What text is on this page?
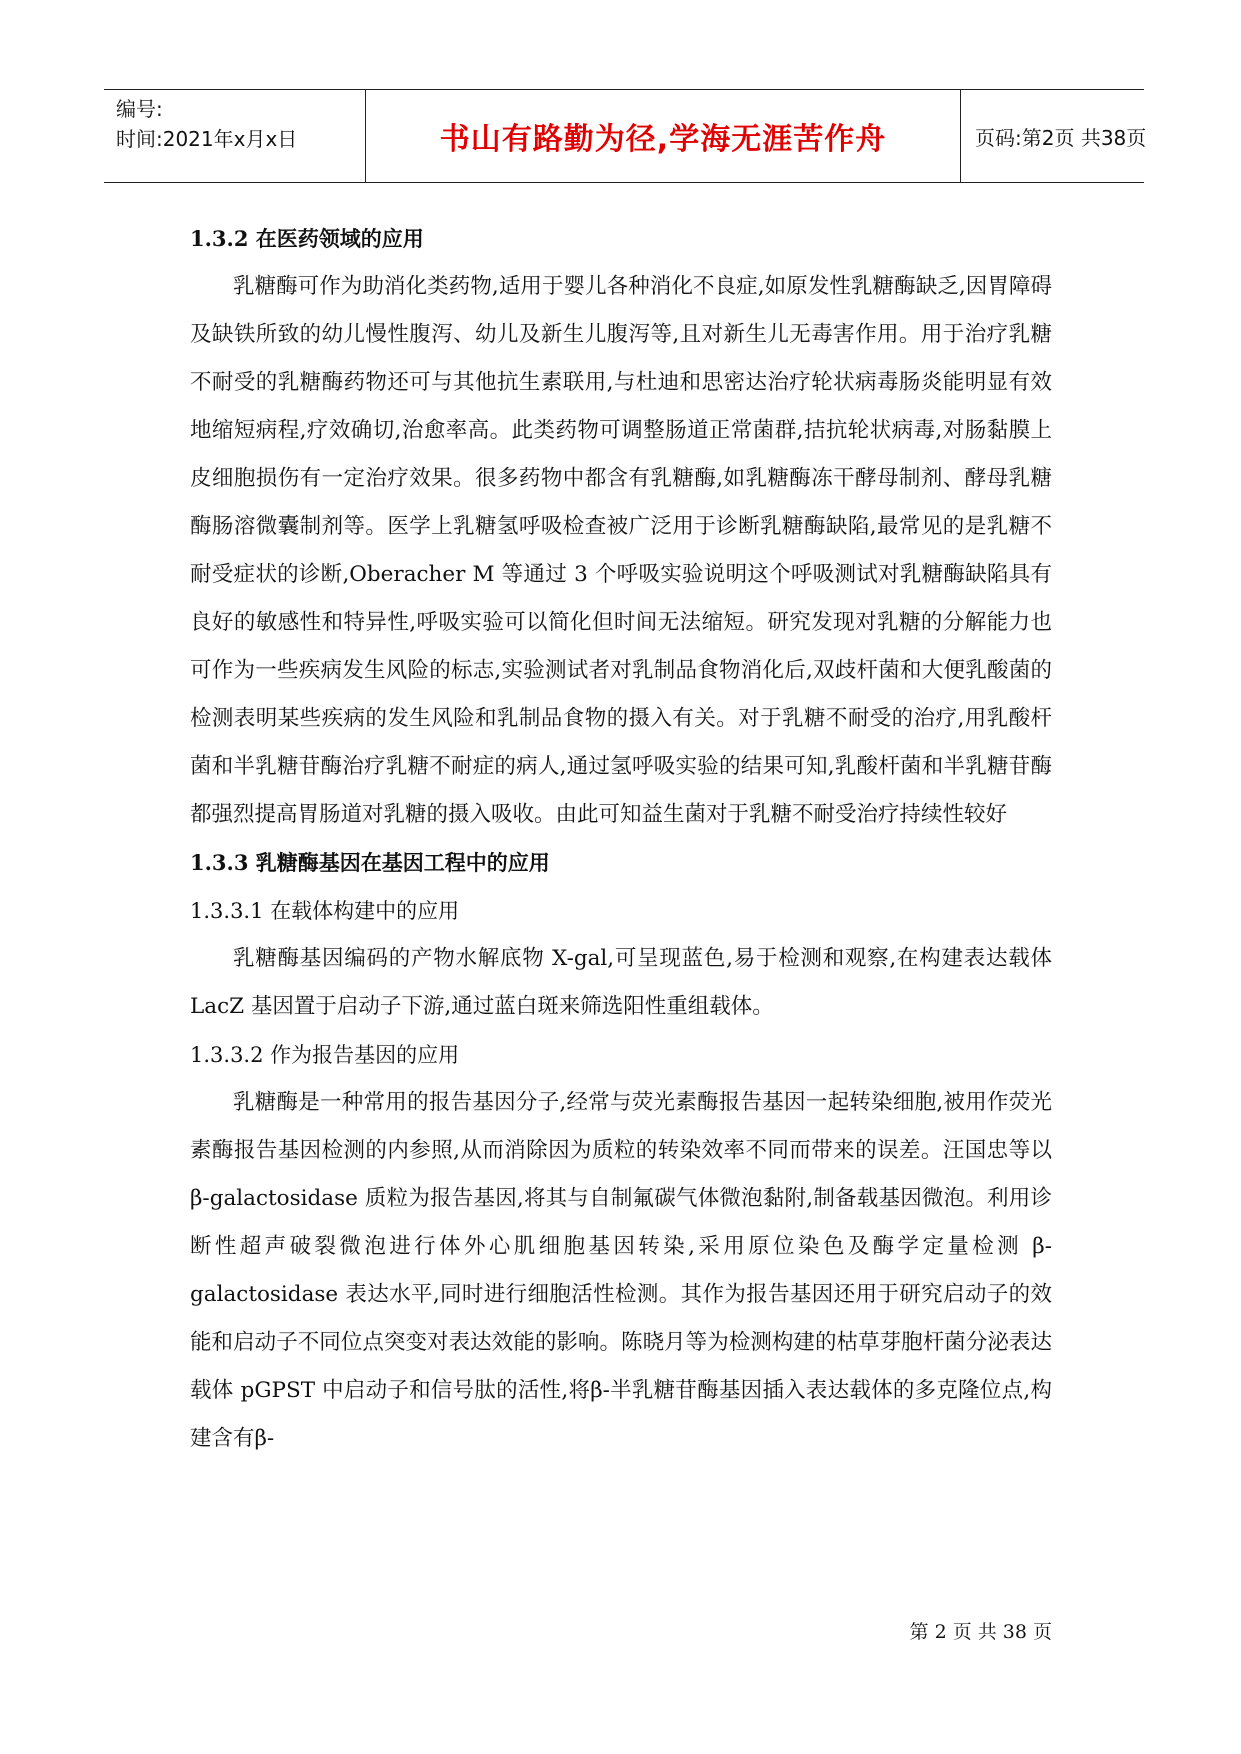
编号:
时间:2021年x月x日	书山有路勤为径,学海无涯苦作舟	页码:第2页 共38页
1.3.2 在医药领域的应用

乳糖酶可作为助消化类药物,适用于婴儿各种消化不良症,如原发性乳糖酶缺乏,因胃障碍及缺铁所致的幼儿慢性腹泻、幼儿及新生儿腹泻等,且对新生儿无毒害作用。用于治疗乳糖不耐受的乳糖酶药物还可与其他抗生素联用,与杜迪和思密达治疗轮状病毒肠炎能明显有效地缩短病程,疗效确切,治愈率高。此类药物可调整肠道正常菌群,拮抗轮状病毒,对肠黏膜上皮细胞损伤有一定治疗效果。很多药物中都含有乳糖酶,如乳糖酶冻干酵母制剂、酵母乳糖酶肠溶微囊制剂等。医学上乳糖氢呼吸检查被广泛用于诊断乳糖酶缺陷,最常见的是乳糖不耐受症状的诊断,Oberacher M 等通过 3 个呼吸实验说明这个呼吸测试对乳糖酶缺陷具有良好的敏感性和特异性,呼吸实验可以简化但时间无法缩短。研究发现对乳糖的分解能力也可作为一些疾病发生风险的标志,实验测试者对乳制品食物消化后,双歧杆菌和大便乳酸菌的检测表明某些疾病的发生风险和乳制品食物的摄入有关。对于乳糖不耐受的治疗,用乳酸杆菌和半乳糖苷酶治疗乳糖不耐症的病人,通过氢呼吸实验的结果可知,乳酸杆菌和半乳糖苷酶都强烈提高胃肠道对乳糖的摄入吸收。由此可知益生菌对于乳糖不耐受治疗持续性较好

1.3.3 乳糖酶基因在基因工程中的应用
1.3.3.1 在载体构建中的应用

乳糖酶基因编码的产物水解底物 X-gal,可呈现蓝色,易于检测和观察,在构建表达载体 LacZ 基因置于启动子下游,通过蓝白斑来筛选阳性重组载体。

1.3.3.2 作为报告基因的应用

乳糖酶是一种常用的报告基因分子,经常与荧光素酶报告基因一起转染细胞,被用作荧光素酶报告基因检测的内参照,从而消除因为质粒的转染效率不同而带来的误差。汪国忠等以 β-galactosidase 质粒为报告基因,将其与自制氟碳气体微泡黏附,制备载基因微泡。利用诊断性超声破裂微泡进行体外心肌细胞基因转染,采用原位染色及酶学定量检测 β-galactosidase 表达水平,同时进行细胞活性检测。其作为报告基因还用于研究启动子的效能和启动子不同位点突变对表达效能的影响。陈晓月等为检测构建的枯草芽胞杆菌分泌表达载体 pGPST 中启动子和信号肽的活性,将β-半乳糖苷酶基因插入表达载体的多克隆位点,构建含有β-

第 2 页 共 38 页
